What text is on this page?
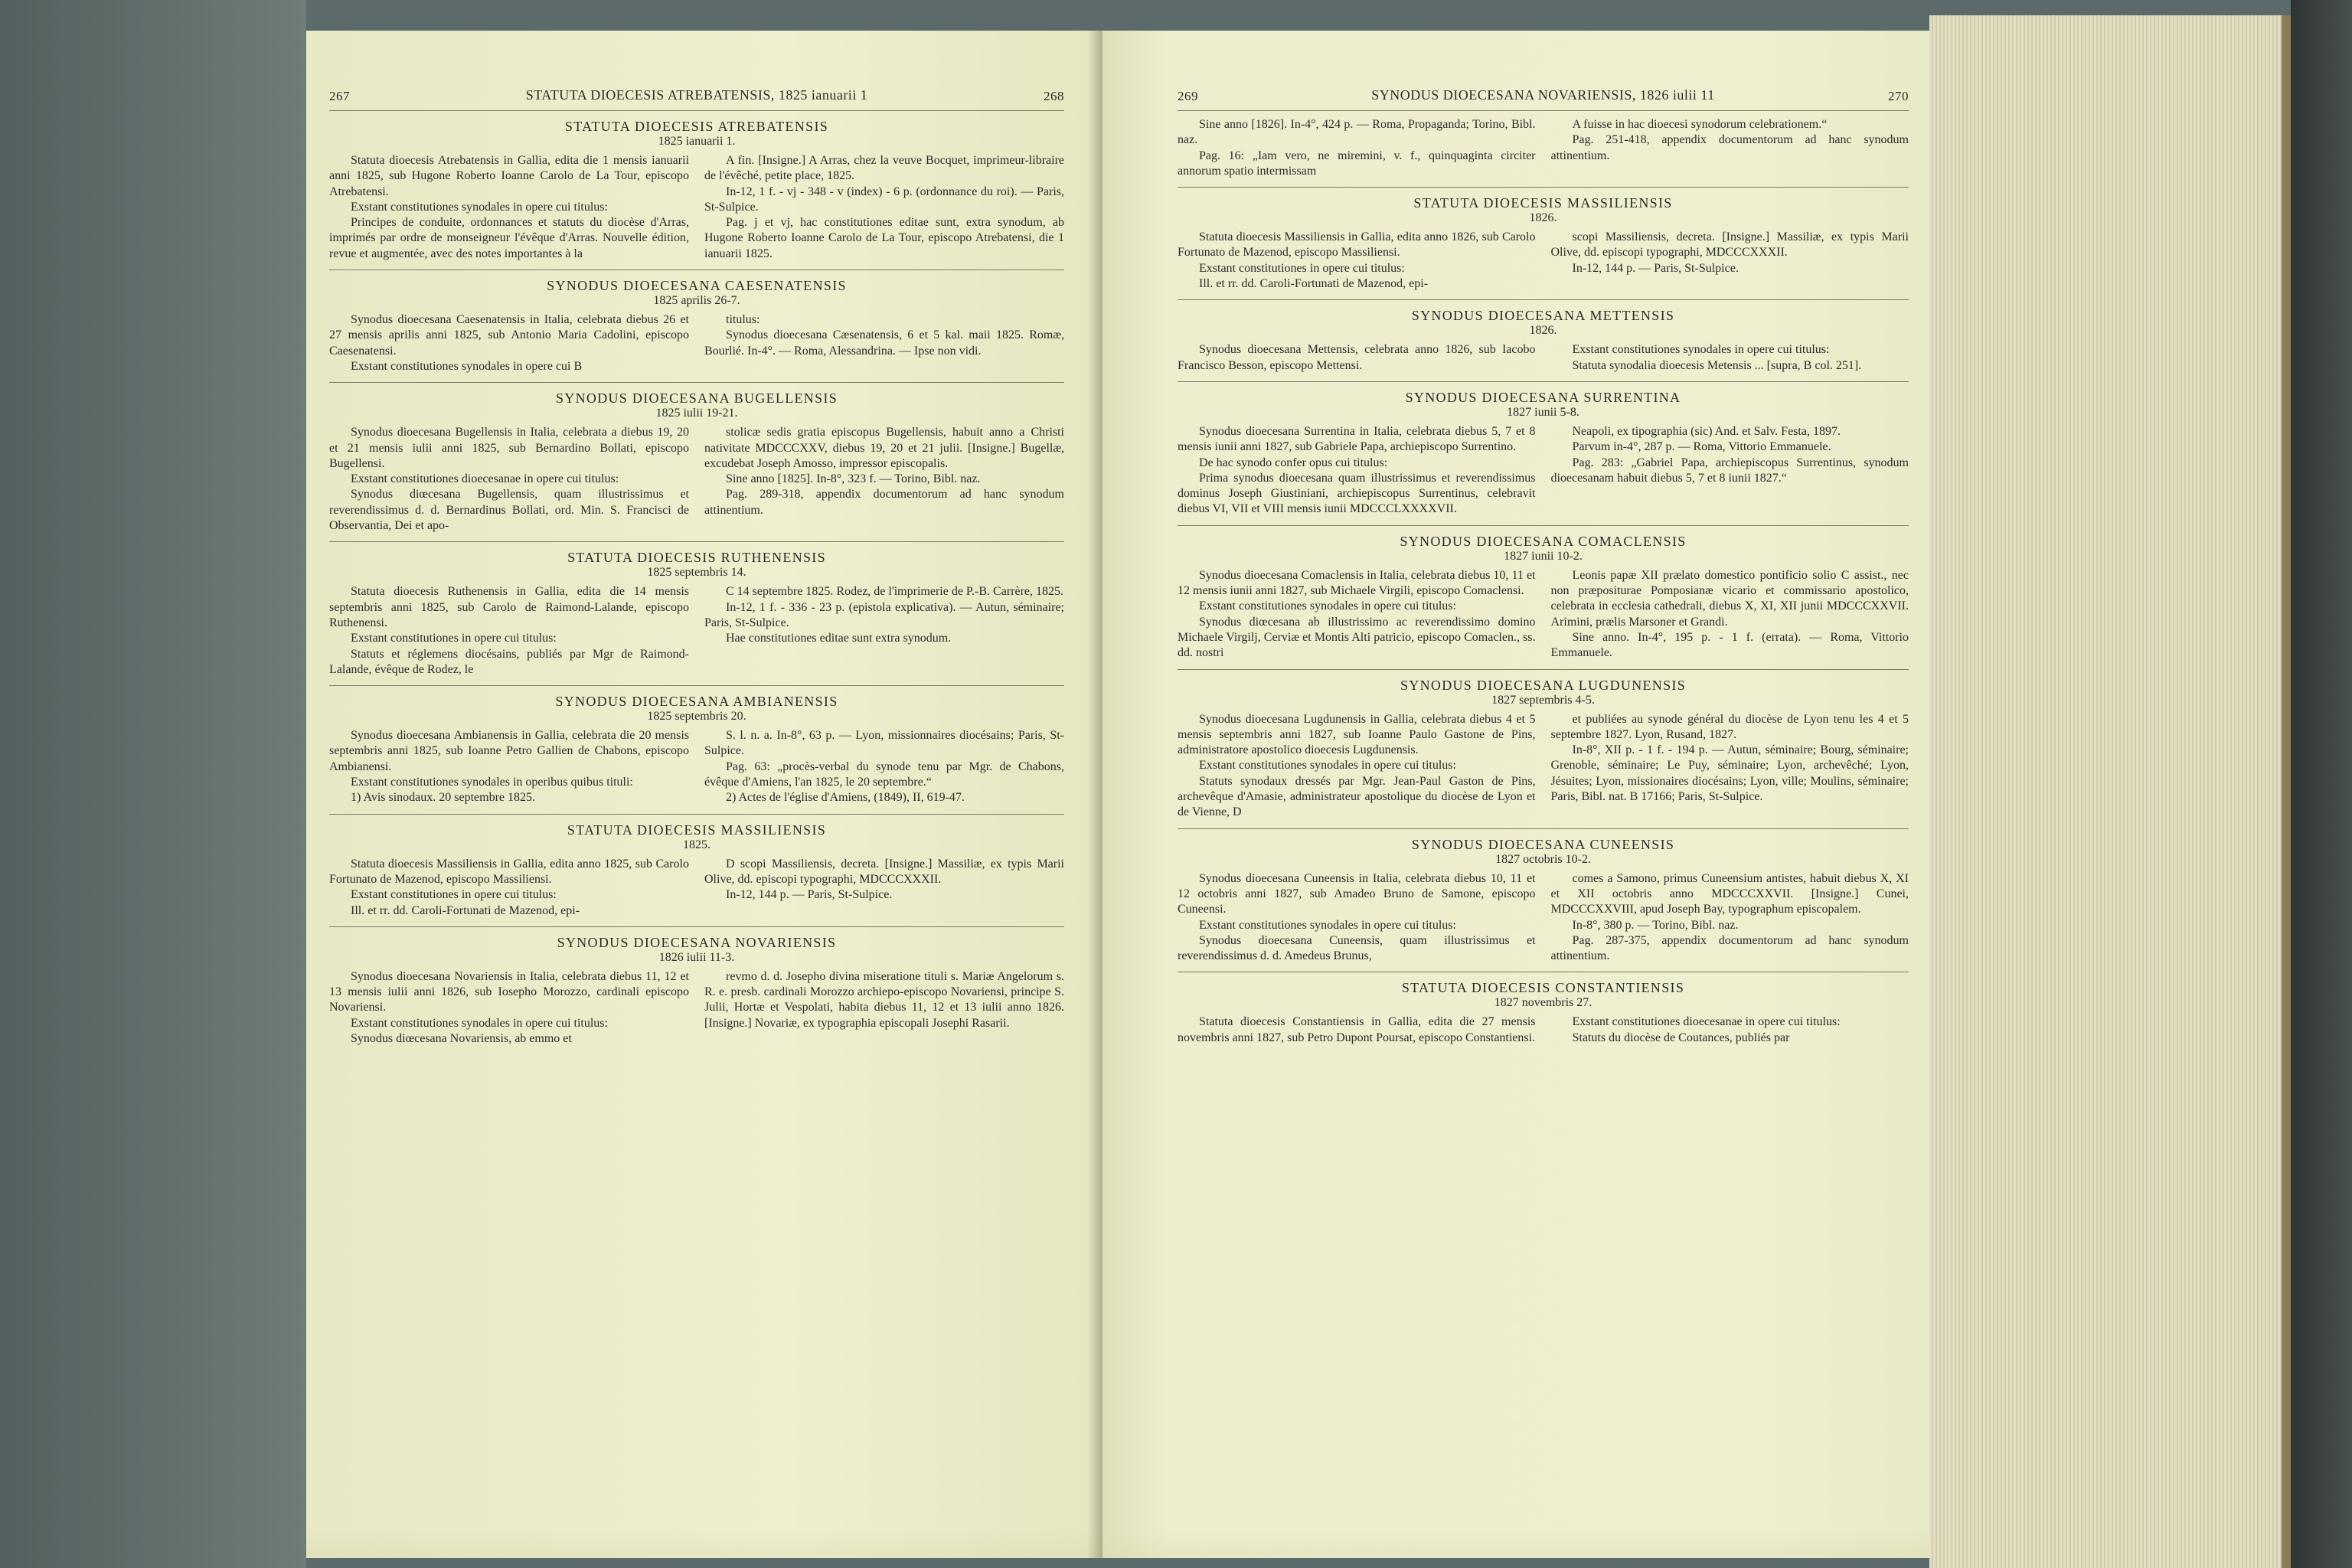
267	STATUTA DIOECESIS ATREBATENSIS, 1825 ianuarii 1	268
STATUTA DIOECESIS ATREBATENSIS
1825 ianuarii 1.

Statuta dioecesis Atrebatensis in Gallia, edita die 1 mensis ianuarii anni 1825, sub Hugone Roberto Ioanne Carolo de La Tour, episcopo Atrebatensi.

Exstant constitutiones synodales in opere cui titulus:

Principes de conduite, ordonnances et statuts du diocèse d'Arras, imprimés par ordre de monseigneur l'évêque d'Arras. Nouvelle édition, revue et augmentée, avec des notes importantes à la

A fin. [Insigne.] A Arras, chez la veuve Bocquet, imprimeur-libraire de l'évêché, petite place, 1825.

In-12, 1 f. - vj - 348 - v (index) - 6 p. (ordonnance du roi). — Paris, St-Sulpice.

Pag. j et vj, hac constitutiones editae sunt, extra synodum, ab Hugone Roberto Ioanne Carolo de La Tour, episcopo Atrebatensi, die 1 ianuarii 1825.

SYNODUS DIOECESANA CAESENATENSIS
1825 aprilis 26-7.

Synodus dioecesana Caesenatensis in Italia, celebrata diebus 26 et 27 mensis aprilis anni 1825, sub Antonio Maria Cadolini, episcopo Caesenatensi.

Exstant constitutiones synodales in opere cui B

titulus:

Synodus dioecesana Cæsenatensis, 6 et 5 kal. maii 1825. Romæ, Bourlié. In-4°. — Roma, Alessandrina. — Ipse non vidi.

SYNODUS DIOECESANA BUGELLENSIS
1825 iulii 19-21.

Synodus dioecesana Bugellensis in Italia, celebrata a diebus 19, 20 et 21 mensis iulii anni 1825, sub Bernardino Bollati, episcopo Bugellensi.

Exstant constitutiones dioecesanae in opere cui titulus:

Synodus diœcesana Bugellensis, quam illustrissimus et reverendissimus d. d. Bernardinus Bollati, ord. Min. S. Francisci de Observantia, Dei et apo-

stolicæ sedis gratia episcopus Bugellensis, habuit anno a Christi nativitate MDCCCXXV, diebus 19, 20 et 21 julii. [Insigne.] Bugellæ, excudebat Joseph Amosso, impressor episcopalis.

Sine anno [1825]. In-8°, 323 f. — Torino, Bibl. naz.

Pag. 289-318, appendix documentorum ad hanc synodum attinentium.

STATUTA DIOECESIS RUTHENENSIS
1825 septembris 14.

Statuta dioecesis Ruthenensis in Gallia, edita die 14 mensis septembris anni 1825, sub Carolo de Raimond-Lalande, episcopo Ruthenensi.

Exstant constitutiones in opere cui titulus:

Statuts et réglemens diocésains, publiés par Mgr de Raimond-Lalande, évêque de Rodez, le

C 14 septembre 1825. Rodez, de l'imprimerie de P.-B. Carrère, 1825.

In-12, 1 f. - 336 - 23 p. (epistola explicativa). — Autun, séminaire; Paris, St-Sulpice.

Hae constitutiones editae sunt extra synodum.

SYNODUS DIOECESANA AMBIANENSIS
1825 septembris 20.

Synodus dioecesana Ambianensis in Gallia, celebrata die 20 mensis septembris anni 1825, sub Ioanne Petro Gallien de Chabons, episcopo Ambianensi.

Exstant constitutiones synodales in operibus quibus tituli:

1) Avis sinodaux. 20 septembre 1825.

S. l. n. a. In-8°, 63 p. — Lyon, missionnaires diocésains; Paris, St-Sulpice.

Pag. 63: „procès-verbal du synode tenu par Mgr. de Chabons, évêque d'Amiens, l'an 1825, le 20 septembre.“

2) Actes de l'église d'Amiens, (1849), II, 619-47.

STATUTA DIOECESIS MASSILIENSIS
1825.

Statuta dioecesis Massiliensis in Gallia, edita anno 1825, sub Carolo Fortunato de Mazenod, episcopo Massiliensi.

Exstant constitutiones in opere cui titulus:

Ill. et rr. dd. Caroli-Fortunati de Mazenod, epi-

D scopi Massiliensis, decreta. [Insigne.] Massiliæ, ex typis Marii Olive, dd. episcopi typographi, MDCCCXXXII.

In-12, 144 p. — Paris, St-Sulpice.

SYNODUS DIOECESANA NOVARIENSIS
1826 iulii 11-3.

Synodus dioecesana Novariensis in Italia, celebrata diebus 11, 12 et 13 mensis iulii anni 1826, sub Iosepho Morozzo, cardinali episcopo Novariensi.

Exstant constitutiones synodales in opere cui titulus:

Synodus diœcesana Novariensis, ab emmo et

revmo d. d. Josepho divina miseratione tituli s. Mariæ Angelorum s. R. e. presb. cardinali Morozzo archiepo-episcopo Novariensi, principe S. Julii, Hortæ et Vespolati, habita diebus 11, 12 et 13 iulii anno 1826. [Insigne.] Novariæ, ex typographia episcopali Josephi Rasarii.

269	SYNODUS DIOECESANA NOVARIENSIS, 1826 iulii 11	270

Sine anno [1826]. In-4°, 424 p. — Roma, Propaganda; Torino, Bibl. naz.

Pag. 16: „Iam vero, ne miremini, v. f., quinquaginta circiter annorum spatio intermissam

A fuisse in hac dioecesi synodorum celebrationem.“

Pag. 251-418, appendix documentorum ad hanc synodum attinentium.

STATUTA DIOECESIS MASSILIENSIS
1826.

Statuta dioecesis Massiliensis in Gallia, edita anno 1826, sub Carolo Fortunato de Mazenod, episcopo Massiliensi.

Exstant constitutiones in opere cui titulus:

Ill. et rr. dd. Caroli-Fortunati de Mazenod, epi-

scopi Massiliensis, decreta. [Insigne.] Massiliæ, ex typis Marii Olive, dd. episcopi typographi, MDCCCXXXII.

In-12, 144 p. — Paris, St-Sulpice.

SYNODUS DIOECESANA METTENSIS
1826.

Synodus dioecesana Mettensis, celebrata anno 1826, sub Iacobo Francisco Besson, episcopo Mettensi.

Exstant constitutiones synodales in opere cui titulus:

Statuta synodalia dioecesis Metensis ... [supra, B col. 251].

SYNODUS DIOECESANA SURRENTINA
1827 iunii 5-8.

Synodus dioecesana Surrentina in Italia, celebrata diebus 5, 7 et 8 mensis iunii anni 1827, sub Gabriele Papa, archiepiscopo Surrentino.

De hac synodo confer opus cui titulus:

Prima synodus dioecesana quam illustrissimus et reverendissimus dominus Joseph Giustiniani, archiepiscopus Surrentinus, celebravit diebus VI, VII et VIII mensis iunii MDCCCLXXXXVII.

Neapoli, ex tipographia (sic) And. et Salv. Festa, 1897.

Parvum in-4°, 287 p. — Roma, Vittorio Emmanuele.

Pag. 283: „Gabriel Papa, archiepiscopus Surrentinus, synodum dioecesanam habuit diebus 5, 7 et 8 iunii 1827.“

SYNODUS DIOECESANA COMACLENSIS
1827 iunii 10-2.

Synodus dioecesana Comaclensis in Italia, celebrata diebus 10, 11 et 12 mensis iunii anni 1827, sub Michaele Virgili, episcopo Comaclensi.

Exstant constitutiones synodales in opere cui titulus:

Synodus diœcesana ab illustrissimo ac reverendissimo domino Michaele Virgilj, Cerviæ et Montis Alti patricio, episcopo Comaclen., ss. dd. nostri

Leonis papæ XII prælato domestico pontificio solio C assist., nec non præpositurae Pomposianæ vicario et commissario apostolico, celebrata in ecclesia cathedrali, diebus X, XI, XII junii MDCCCXXVII. Arimini, prælis Marsoner et Grandi.

Sine anno. In-4°, 195 p. - 1 f. (errata). — Roma, Vittorio Emmanuele.

SYNODUS DIOECESANA LUGDUNENSIS
1827 septembris 4-5.

Synodus dioecesana Lugdunensis in Gallia, celebrata diebus 4 et 5 mensis septembris anni 1827, sub Ioanne Paulo Gastone de Pins, administratore apostolico dioecesis Lugdunensis.

Exstant constitutiones synodales in opere cui titulus:

Statuts synodaux dressés par Mgr. Jean-Paul Gaston de Pins, archevêque d'Amasie, administrateur apostolique du diocèse de Lyon et de Vienne, D

et publiées au synode général du diocèse de Lyon tenu les 4 et 5 septembre 1827. Lyon, Rusand, 1827.

In-8°, XII p. - 1 f. - 194 p. — Autun, séminaire; Bourg, séminaire; Grenoble, séminaire; Le Puy, séminaire; Lyon, archevêché; Lyon, Jésuites; Lyon, missionaires diocésains; Lyon, ville; Moulins, séminaire; Paris, Bibl. nat. B 17166; Paris, St-Sulpice.

SYNODUS DIOECESANA CUNEENSIS
1827 octobris 10-2.

Synodus dioecesana Cuneensis in Italia, celebrata diebus 10, 11 et 12 octobris anni 1827, sub Amadeo Bruno de Samone, episcopo Cuneensi.

Exstant constitutiones synodales in opere cui titulus:

Synodus dioecesana Cuneensis, quam illustrissimus et reverendissimus d. d. Amedeus Brunus,

comes a Samono, primus Cuneensium antistes, habuit diebus X, XI et XII octobris anno MDCCCXXVII. [Insigne.] Cunei, MDCCCXXVIII, apud Joseph Bay, typographum episcopalem.

In-8°, 380 p. — Torino, Bibl. naz.

Pag. 287-375, appendix documentorum ad hanc synodum attinentium.

STATUTA DIOECESIS CONSTANTIENSIS
1827 novembris 27.

Statuta dioecesis Constantiensis in Gallia, edita die 27 mensis novembris anni 1827, sub Petro Dupont Poursat, episcopo Constantiensi.

Exstant constitutiones dioecesanae in opere cui titulus:

Statuts du diocèse de Coutances, publiés par
